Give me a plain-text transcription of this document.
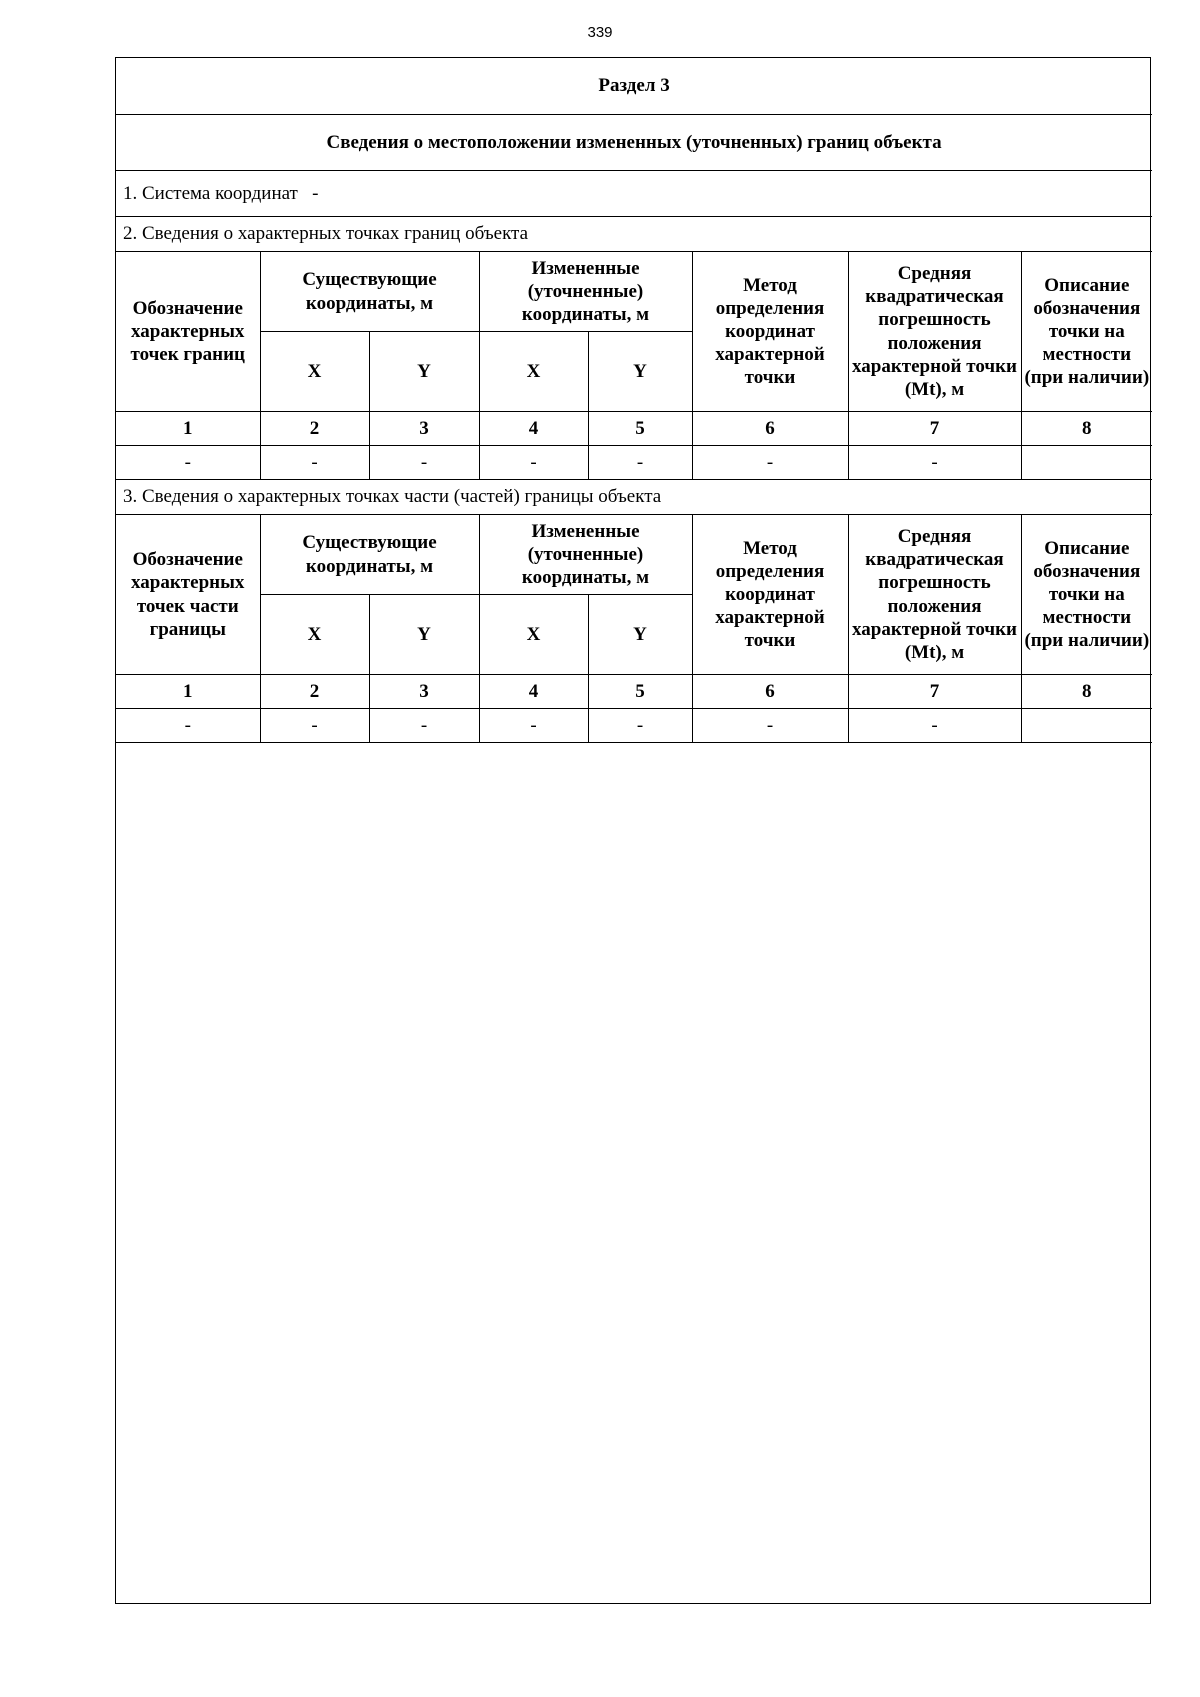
339
Раздел 3							
Сведения о местоположении измененных (уточненных) границ объекта							
1. Система координат -							
2. Сведения о характерных точках границ объекта							
Обозначение характерных точек границ	Существующие координаты, м		Измененные (уточненные) координаты, м		Метод определения координат характерной точки	Средняя квадратическая погрешность положения характерной точки (Mt), м	Описание обозначения точки на местности (при наличии)
	X	Y	X	Y			
1	2	3	4	5	6	7	8
-	-	-	-	-	-	-	
3. Сведения о характерных точках части (частей) границы объекта							
Обозначение характерных точек части границы	Существующие координаты, м		Измененные (уточненные) координаты, м		Метод определения координат характерной точки	Средняя квадратическая погрешность положения характерной точки (Mt), м	Описание обозначения точки на местности (при наличии)
	X	Y	X	Y			
1	2	3	4	5	6	7	8
-	-	-	-	-	-	-	
